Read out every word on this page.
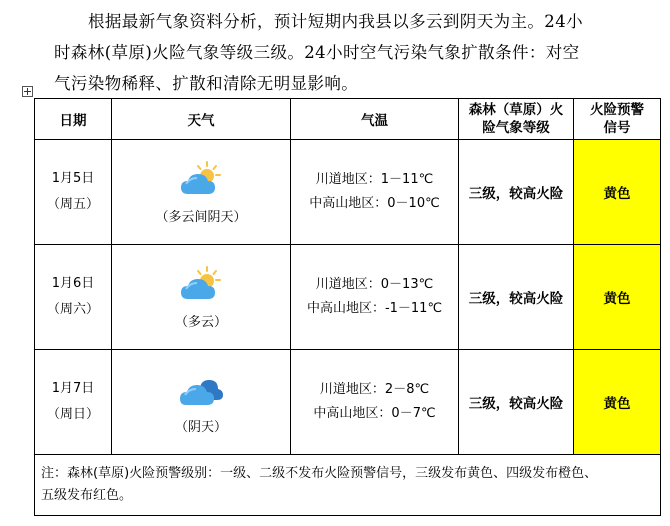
根据最新气象资料分析，预计短期内我县以多云到阴天为主。24小
时森林(草原)火险气象等级三级。24小时空气污染气象扩散条件：对空
气污染物稀释、扩散和清除无明显影响。
日期	天气	气温	森林（草原）火
险气象等级	火险预警
信号

1月5日
（周五）	（多云间阴天）	川道地区：1－11℃
中高山地区：0－10℃	三级，较高火险	黄色

1月6日
（周六）	（多云）	川道地区：0－13℃
中高山地区：-1－11℃	三级，较高火险	黄色

1月7日
（周日）	（阴天）	川道地区：2－8℃
中高山地区：0－7℃	三级，较高火险	黄色

注：森林(草原)火险预警级别：一级、二级不发布火险预警信号，三级发布黄色、四级发布橙色、
五级发布红色。				
